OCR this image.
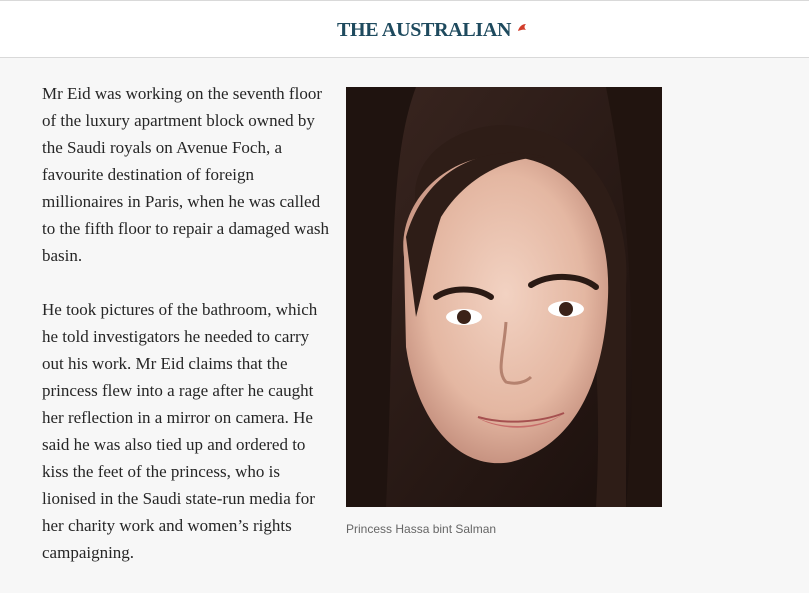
THE AUSTRALIAN

Mr Eid was working on the seventh floor of the luxury apartment block owned by the Saudi royals on Avenue Foch, a favourite destination of foreign millionaires in Paris, when he was called to the fifth floor to repair a damaged wash basin.

He took pictures of the bathroom, which he told investigators he needed to carry out his work. Mr Eid claims that the princess flew into a rage after he caught her reflection in a mirror on camera. He said he was also tied up and ordered to kiss the feet of the princess, who is lionised in the Saudi state-run media for her charity work and women’s rights campaigning.

Princess Hassa bint Salman
